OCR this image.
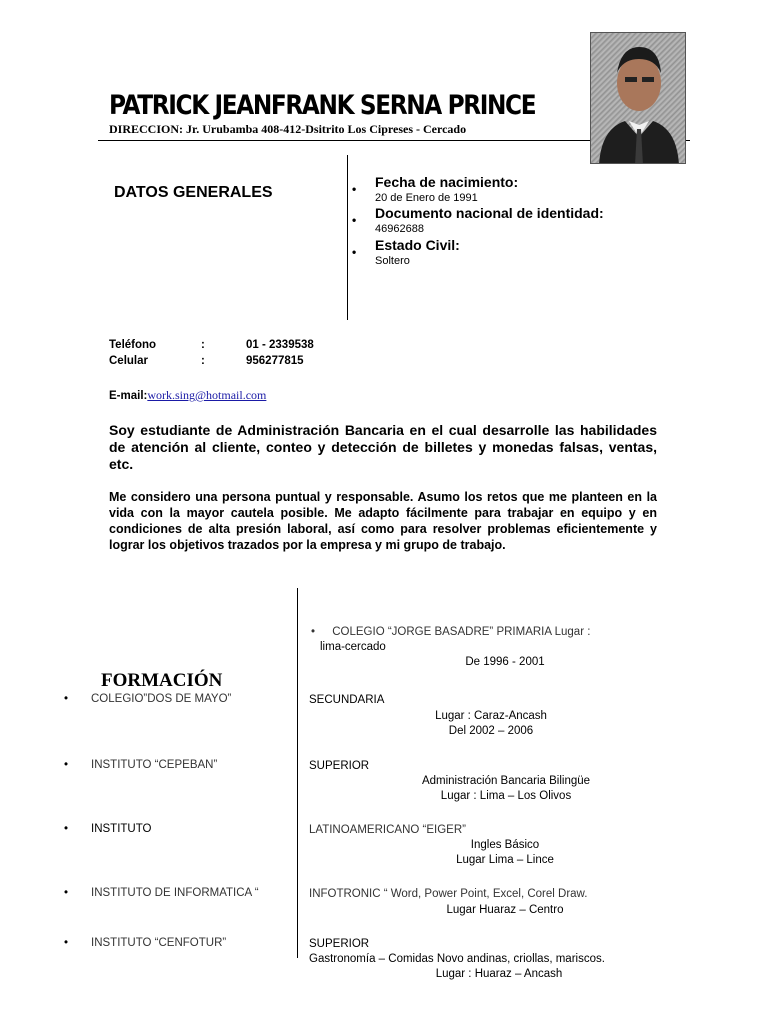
PATRICK JEANFRANK SERNA PRINCE
DIRECCION: Jr. Urubamba 408-412-Dsitrito Los Cipreses - Cercado
DATOS GENERALES	• Fecha de nacimiento:
20 de Enero de 1991
• Documento nacional de identidad:
46962688
• Estado Civil:
Soltero
Teléfono	:	01 - 2339538
Celular	:	956277815
E-mail:work.sing@hotmail.com
Soy estudiante de Administración Bancaria en el cual desarrolle las habilidades de atención al cliente, conteo y detección de billetes y monedas falsas, ventas, etc.
Me considero una persona puntual y responsable. Asumo los retos que me planteen en la vida con la mayor cautela posible. Me adapto fácilmente para trabajar en equipo y en condiciones de alta presión laboral, así como para resolver problemas eficientemente y lograr los objetivos trazados por la empresa y mi grupo de trabajo.
FORMACIÓN
• COLEGIO “JORGE BASADRE” PRIMARIA Lugar :
lima-cercado
De 1996 - 2001
• COLEGIO”DOS DE MAYO”	SECUNDARIA
Lugar : Caraz-Ancash
Del 2002 – 2006
• INSTITUTO “CEPEBAN”	SUPERIOR
Administración Bancaria Bilingüe
Lugar : Lima – Los Olivos
• INSTITUTO	LATINOAMERICANO “EIGER”
Ingles Básico
Lugar Lima – Lince
• INSTITUTO DE INFORMATICA “	INFOTRONIC “ Word, Power Point, Excel, Corel Draw.
Lugar Huaraz – Centro
• INSTITUTO “CENFOTUR”	SUPERIOR
Gastronomía – Comidas Novo andinas, criollas, mariscos.
Lugar : Huaraz – Ancash
